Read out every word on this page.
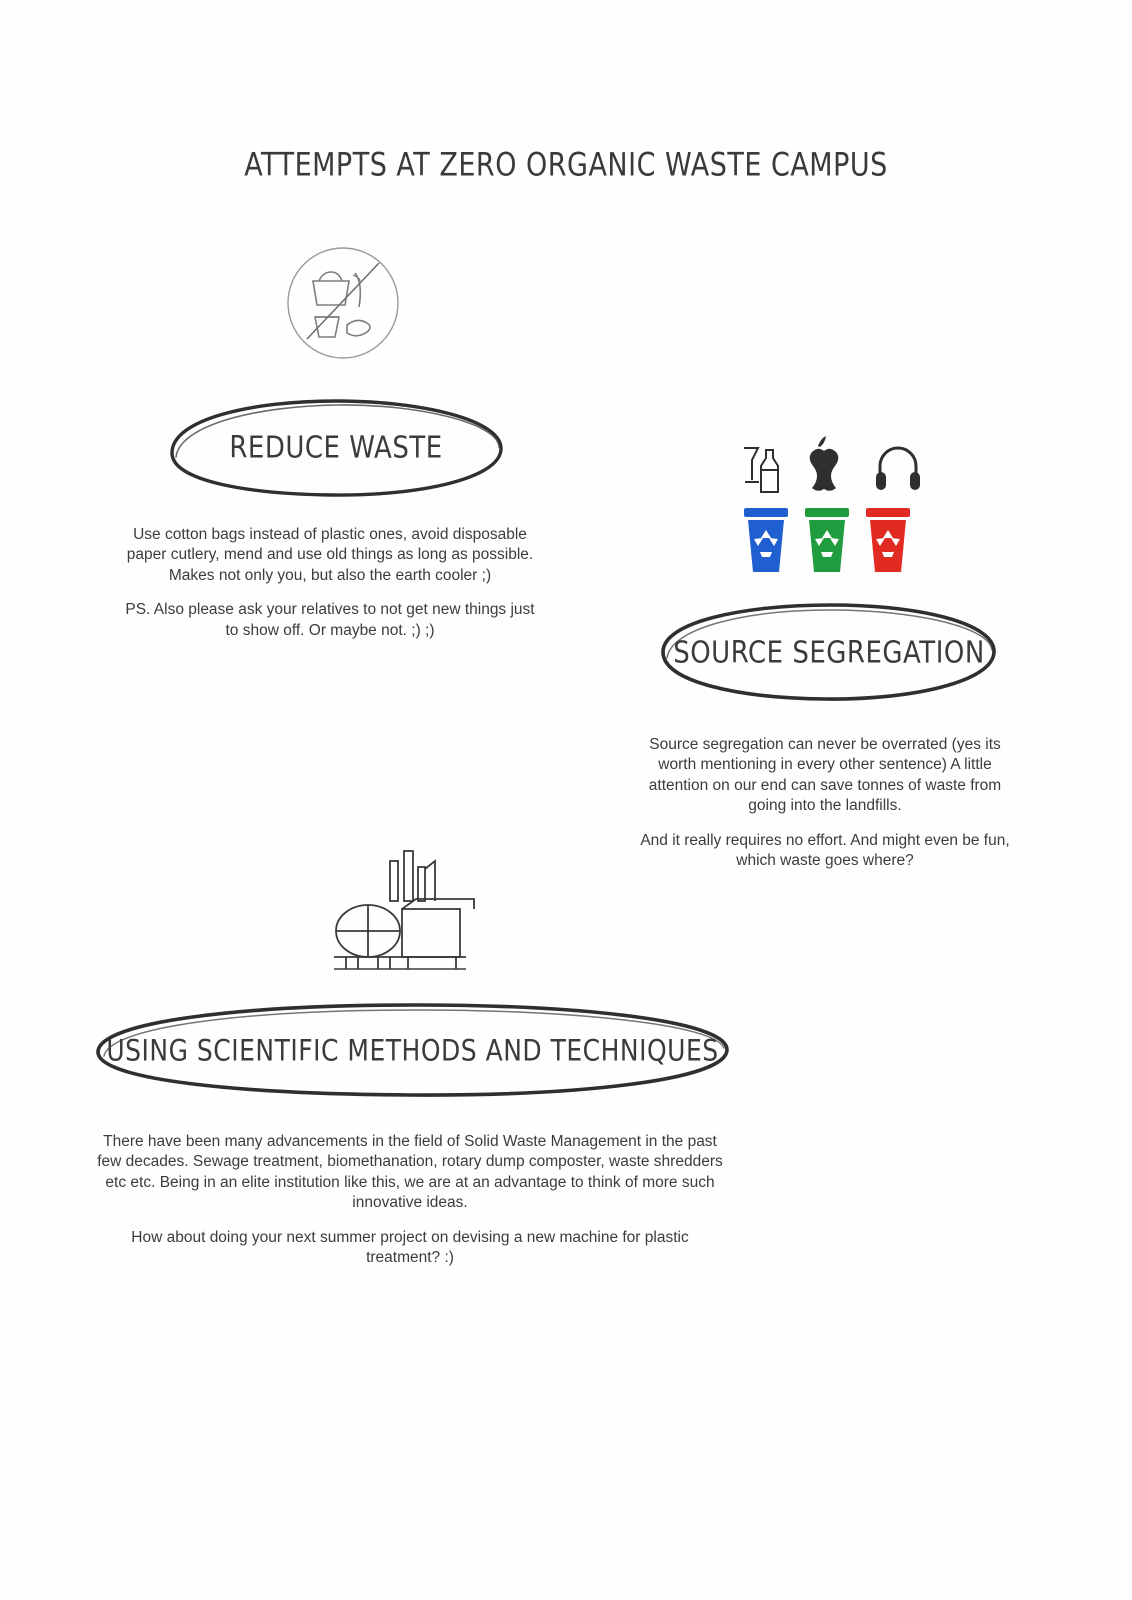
ATTEMPTS AT ZERO ORGANIC WASTE CAMPUS
REDUCE WASTE

Use cotton bags instead of plastic ones, avoid disposable paper cutlery, mend and use old things as long as possible. Makes not only you, but also the earth cooler ;)

PS. Also please ask your relatives to not get new things just to show off. Or maybe not. ;) ;)

SOURCE SEGREGATION

Source segregation can never be overrated (yes its worth mentioning in every other sentence) A little attention on our end can save tonnes of waste from going into the landfills.

And it really requires no effort. And might even be fun, which waste goes where?

USING SCIENTIFIC METHODS AND TECHNIQUES

There have been many advancements in the field of Solid Waste Management in the past few decades. Sewage treatment, biomethanation, rotary dump composter, waste shredders etc etc. Being in an elite institution like this, we are at an advantage to think of more such innovative ideas.

How about doing your next summer project on devising a new machine for plastic treatment? :)
